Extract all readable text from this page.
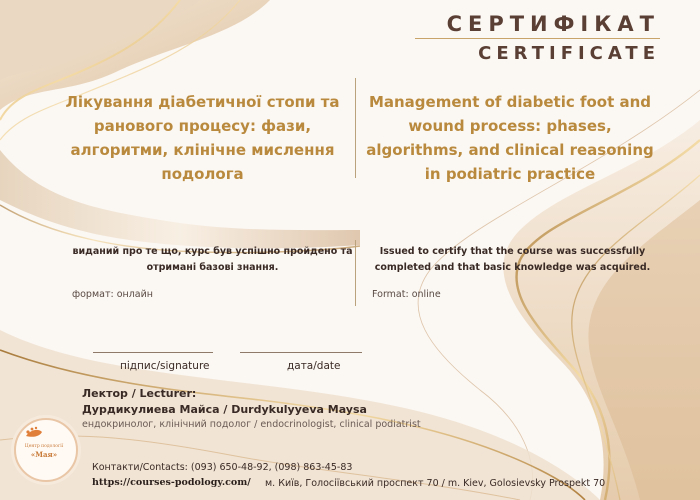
СЕРТИФІКАТ
CERTIFICATE
Лікування діабетичної стопи та ранового процесу: фази, алгоритми, клінічне мислення подолога
Management of diabetic foot and wound process: phases, algorithms, and clinical reasoning in podiatric practice
виданий про те що, курс був успішно пройдено та отримані базові знання.
Issued to certify that the course was successfully completed and that basic knowledge was acquired.
формат: онлайн	Format: online
підпис/signature	дата/date
Лектор / Lecturer:
Дурдикулиева Майса / Durdykulyyeva Maysa
ендокринолог, клінічний подолог / endocrinologist, clinical podiatrist
Центр подології
«Мая»
Контакти/Contacts: (093) 650-48-92, (098) 863-45-83
https://courses-podology.com/ м. Київ, Голосіївський проспект 70 / m. Kiev, Golosievsky Prospekt 70
